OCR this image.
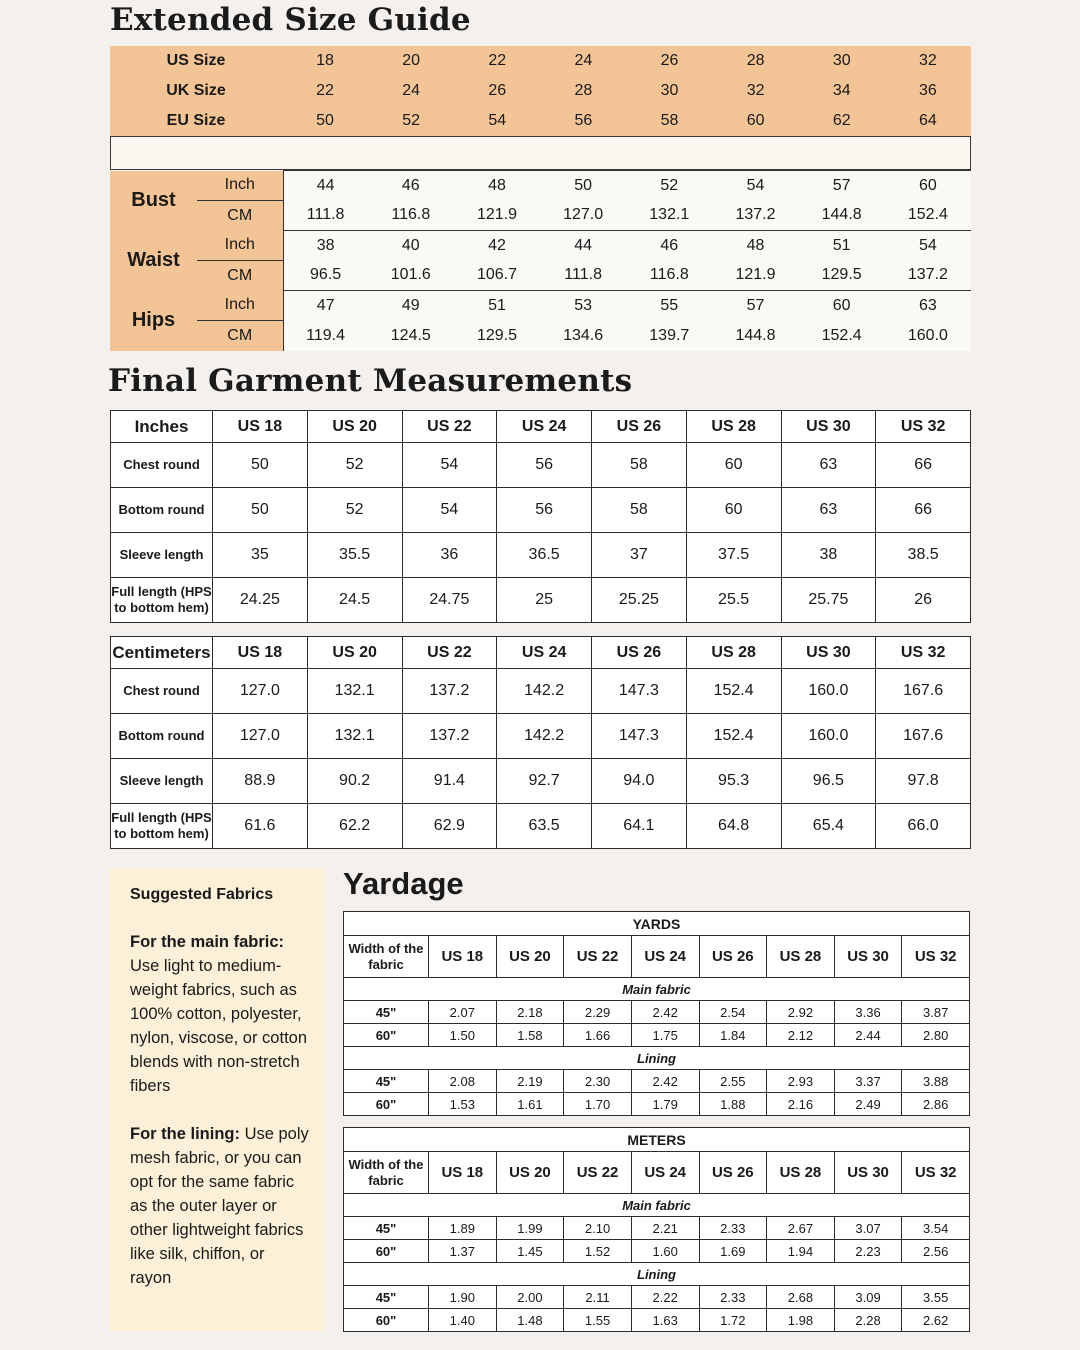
Extended Size Guide
US Size	18	20	22	24	26	28	30	32
UK Size	22	24	26	28	30	32	34	36
EU Size	50	52	54	56	58	60	62	64
Bust	Inch	44	46	48	50	52	54	57	60
	CM	111.8	116.8	121.9	127.0	132.1	137.2	144.8	152.4
Waist	Inch	38	40	42	44	46	48	51	54
	CM	96.5	101.6	106.7	111.8	116.8	121.9	129.5	137.2
Hips	Inch	47	49	51	53	55	57	60	63
	CM	119.4	124.5	129.5	134.6	139.7	144.8	152.4	160.0
Final Garment Measurements
Inches	US 18	US 20	US 22	US 24	US 26	US 28	US 30	US 32
Chest round	50	52	54	56	58	60	63	66
Bottom round	50	52	54	56	58	60	63	66
Sleeve length	35	35.5	36	36.5	37	37.5	38	38.5
Full length (HPS to bottom hem)	24.25	24.5	24.75	25	25.25	25.5	25.75	26
Centimeters	US 18	US 20	US 22	US 24	US 26	US 28	US 30	US 32
Chest round	127.0	132.1	137.2	142.2	147.3	152.4	160.0	167.6
Bottom round	127.0	132.1	137.2	142.2	147.3	152.4	160.0	167.6
Sleeve length	88.9	90.2	91.4	92.7	94.0	95.3	96.5	97.8
Full length (HPS to bottom hem)	61.6	62.2	62.9	63.5	64.1	64.8	65.4	66.0
Suggested Fabrics

For the main fabric: Use light to medium-weight fabrics, such as 100% cotton, polyester, nylon, viscose, or cotton blends with non-stretch fibers

For the lining: Use poly mesh fabric, or you can opt for the same fabric as the outer layer or other lightweight fabrics like silk, chiffon, or rayon

Yardage
YARDS								
Width of the fabric	US 18	US 20	US 22	US 24	US 26	US 28	US 30	US 32
Main fabric								
45"	2.07	2.18	2.29	2.42	2.54	2.92	3.36	3.87
60"	1.50	1.58	1.66	1.75	1.84	2.12	2.44	2.80
Lining								
45"	2.08	2.19	2.30	2.42	2.55	2.93	3.37	3.88
60"	1.53	1.61	1.70	1.79	1.88	2.16	2.49	2.86
METERS								
Width of the fabric	US 18	US 20	US 22	US 24	US 26	US 28	US 30	US 32
Main fabric								
45"	1.89	1.99	2.10	2.21	2.33	2.67	3.07	3.54
60"	1.37	1.45	1.52	1.60	1.69	1.94	2.23	2.56
Lining								
45"	1.90	2.00	2.11	2.22	2.33	2.68	3.09	3.55
60"	1.40	1.48	1.55	1.63	1.72	1.98	2.28	2.62
